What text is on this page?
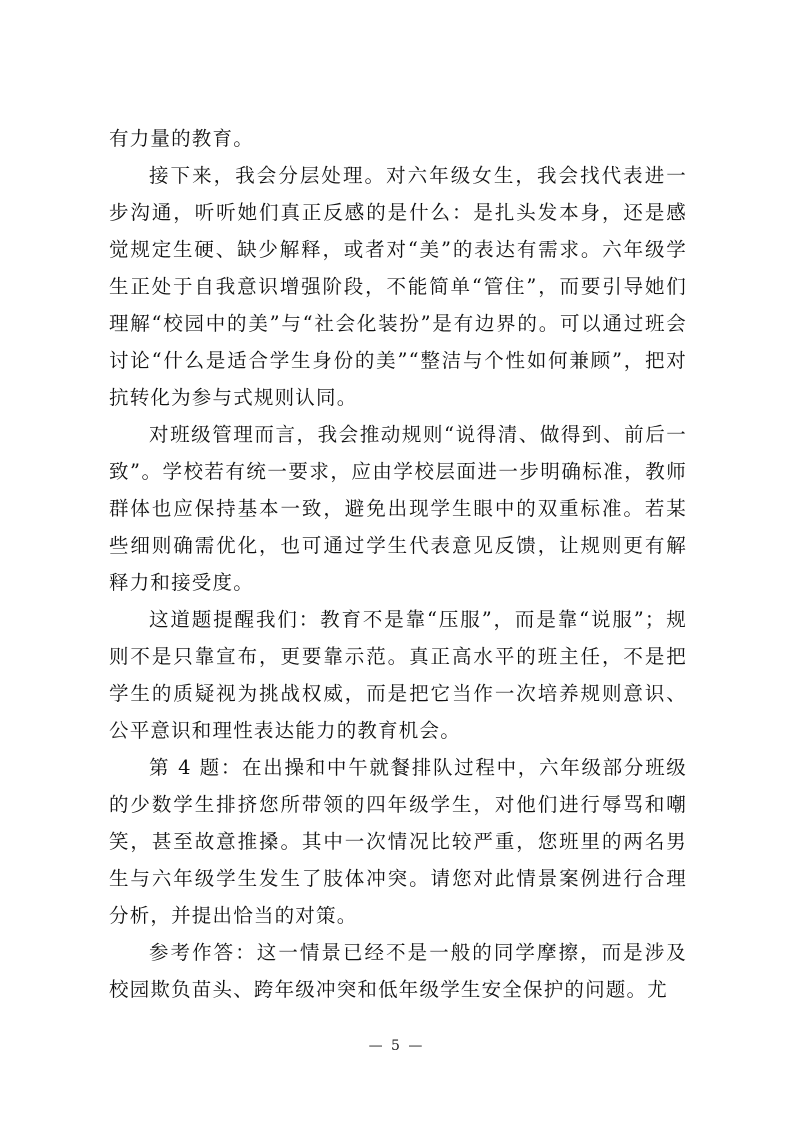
有力量的教育。

接下来，我会分层处理。对六年级女生，我会找代表进一步沟通，听听她们真正反感的是什么：是扎头发本身，还是感觉规定生硬、缺少解释，或者对“美”的表达有需求。六年级学生正处于自我意识增强阶段，不能简单“管住”，而要引导她们理解“校园中的美”与“社会化装扮”是有边界的。可以通过班会讨论“什么是适合学生身份的美”“整洁与个性如何兼顾”，把对抗转化为参与式规则认同。

对班级管理而言，我会推动规则“说得清、做得到、前后一致”。学校若有统一要求，应由学校层面进一步明确标准，教师群体也应保持基本一致，避免出现学生眼中的双重标准。若某些细则确需优化，也可通过学生代表意见反馈，让规则更有解释力和接受度。

这道题提醒我们：教育不是靠“压服”，而是靠“说服”；规则不是只靠宣布，更要靠示范。真正高水平的班主任，不是把学生的质疑视为挑战权威，而是把它当作一次培养规则意识、公平意识和理性表达能力的教育机会。

第 4 题：在出操和中午就餐排队过程中，六年级部分班级的少数学生排挤您所带领的四年级学生，对他们进行辱骂和嘲笑，甚至故意推搡。其中一次情况比较严重，您班里的两名男生与六年级学生发生了肢体冲突。请您对此情景案例进行合理分析，并提出恰当的对策。

参考作答：这一情景已经不是一般的同学摩擦，而是涉及校园欺负苗头、跨年级冲突和低年级学生安全保护的问题。尤

— 5 —
